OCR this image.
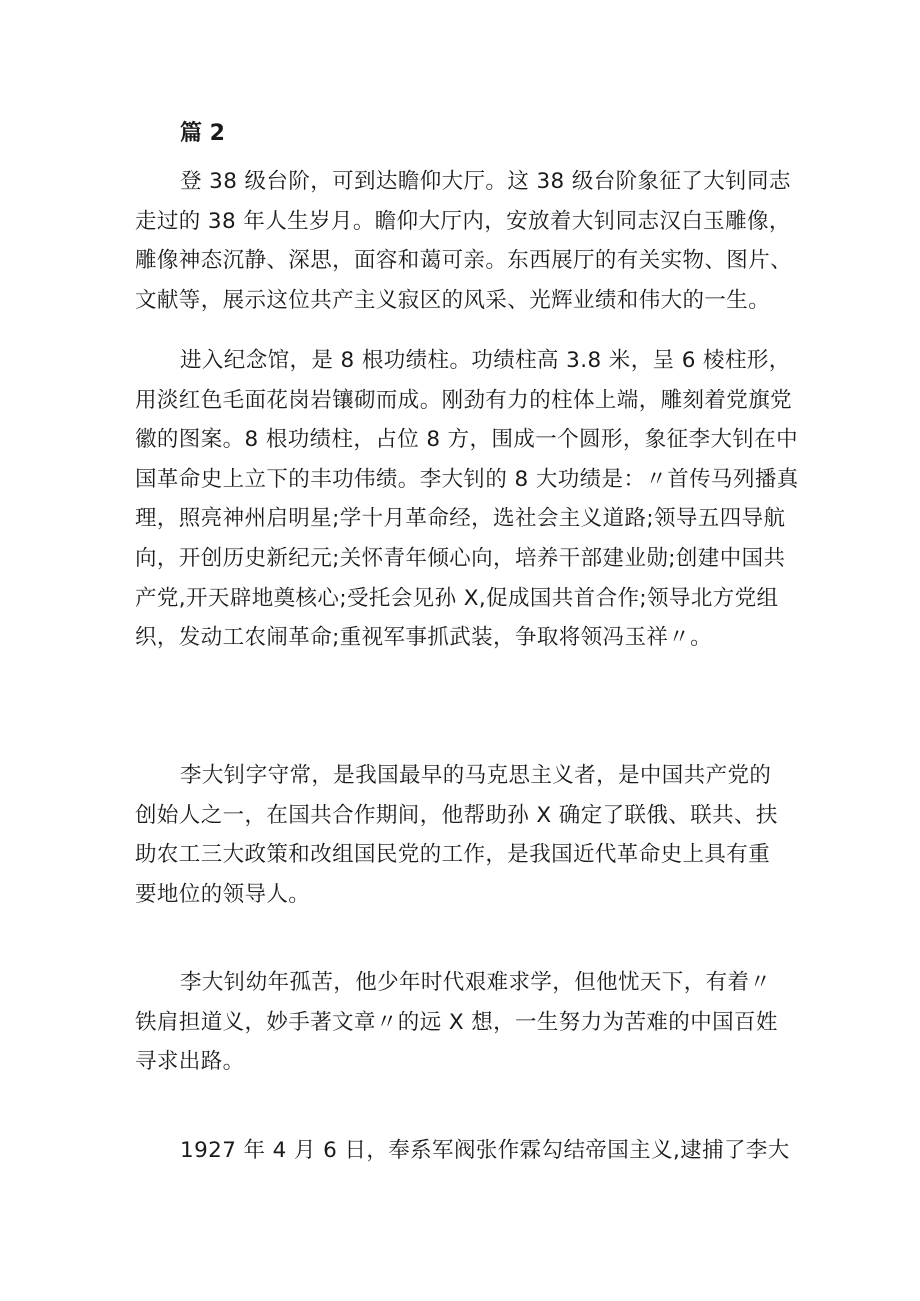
篇 2
登 38 级台阶，可到达瞻仰大厅。这 38 级台阶象征了大钊同志
走过的 38 年人生岁月。瞻仰大厅内，安放着大钊同志汉白玉雕像，
雕像神态沉静、深思，面容和蔼可亲。东西展厅的有关实物、图片、
文献等，展示这位共产主义寂区的风采、光辉业绩和伟大的一生。
进入纪念馆，是 8 根功绩柱。功绩柱高 3.8 米，呈 6 棱柱形，
用淡红色毛面花岗岩镶砌而成。刚劲有力的柱体上端，雕刻着党旗党
徽的图案。8 根功绩柱，占位 8 方，围成一个圆形，象征李大钊在中
国革命史上立下的丰功伟绩。李大钊的 8 大功绩是：〃首传马列播真
理，照亮神州启明星;学十月革命经，选社会主义道路;领导五四导航
向，开创历史新纪元;关怀青年倾心向，培养干部建业勋;创建中国共
产党,开天辟地奠核心;受托会见孙 X,促成国共首合作;领导北方党组
织，发动工农闹革命;重视军事抓武装，争取将领冯玉祥〃。
李大钊字守常，是我国最早的马克思主义者，是中国共产党的
创始人之一，在国共合作期间，他帮助孙 X 确定了联俄、联共、扶
助农工三大政策和改组国民党的工作，是我国近代革命史上具有重
要地位的领导人。
李大钊幼年孤苦，他少年时代艰难求学，但他忧天下，有着〃
铁肩担道义，妙手著文章〃的远 X 想，一生努力为苦难的中国百姓
寻求出路。
1927 年 4 月 6 日，奉系军阀张作霖勾结帝国主义,逮捕了李大
